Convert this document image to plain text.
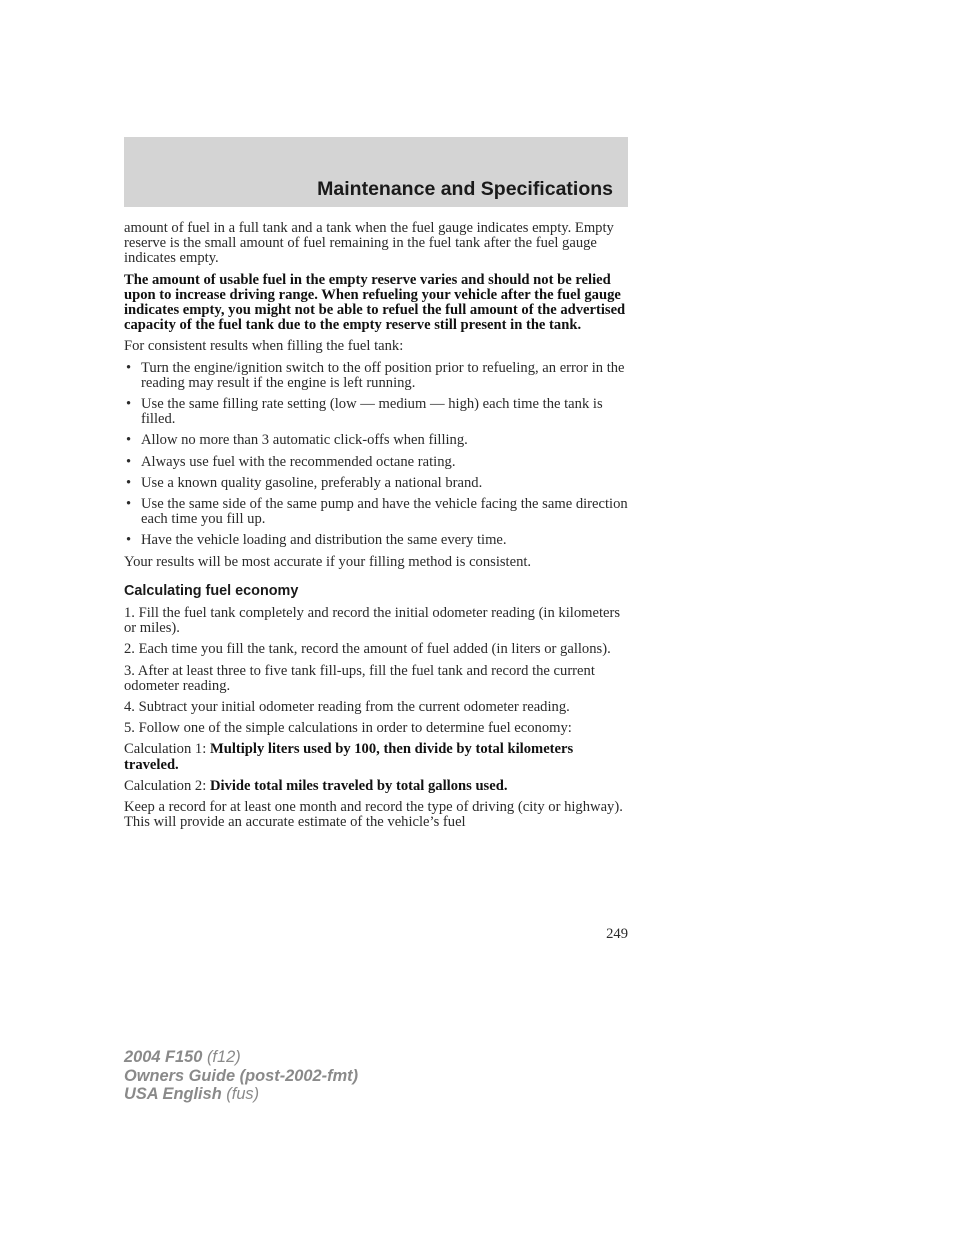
Maintenance and Specifications

amount of fuel in a full tank and a tank when the fuel gauge indicates empty. Empty reserve is the small amount of fuel remaining in the fuel tank after the fuel gauge indicates empty.

The amount of usable fuel in the empty reserve varies and should not be relied upon to increase driving range. When refueling your vehicle after the fuel gauge indicates empty, you might not be able to refuel the full amount of the advertised capacity of the fuel tank due to the empty reserve still present in the tank.

For consistent results when filling the fuel tank:

• Turn the engine/ignition switch to the off position prior to refueling, an error in the reading may result if the engine is left running.
• Use the same filling rate setting (low — medium — high) each time the tank is filled.
• Allow no more than 3 automatic click-offs when filling.
• Always use fuel with the recommended octane rating.
• Use a known quality gasoline, preferably a national brand.
• Use the same side of the same pump and have the vehicle facing the same direction each time you fill up.
• Have the vehicle loading and distribution the same every time.

Your results will be most accurate if your filling method is consistent.

Calculating fuel economy

1. Fill the fuel tank completely and record the initial odometer reading (in kilometers or miles).

2. Each time you fill the tank, record the amount of fuel added (in liters or gallons).

3. After at least three to five tank fill-ups, fill the fuel tank and record the current odometer reading.

4. Subtract your initial odometer reading from the current odometer reading.

5. Follow one of the simple calculations in order to determine fuel economy:

Calculation 1: Multiply liters used by 100, then divide by total kilometers traveled.

Calculation 2: Divide total miles traveled by total gallons used.

Keep a record for at least one month and record the type of driving (city or highway). This will provide an accurate estimate of the vehicle’s fuel

249
2004 F150 (f12)
Owners Guide (post-2002-fmt)
USA English (fus)
